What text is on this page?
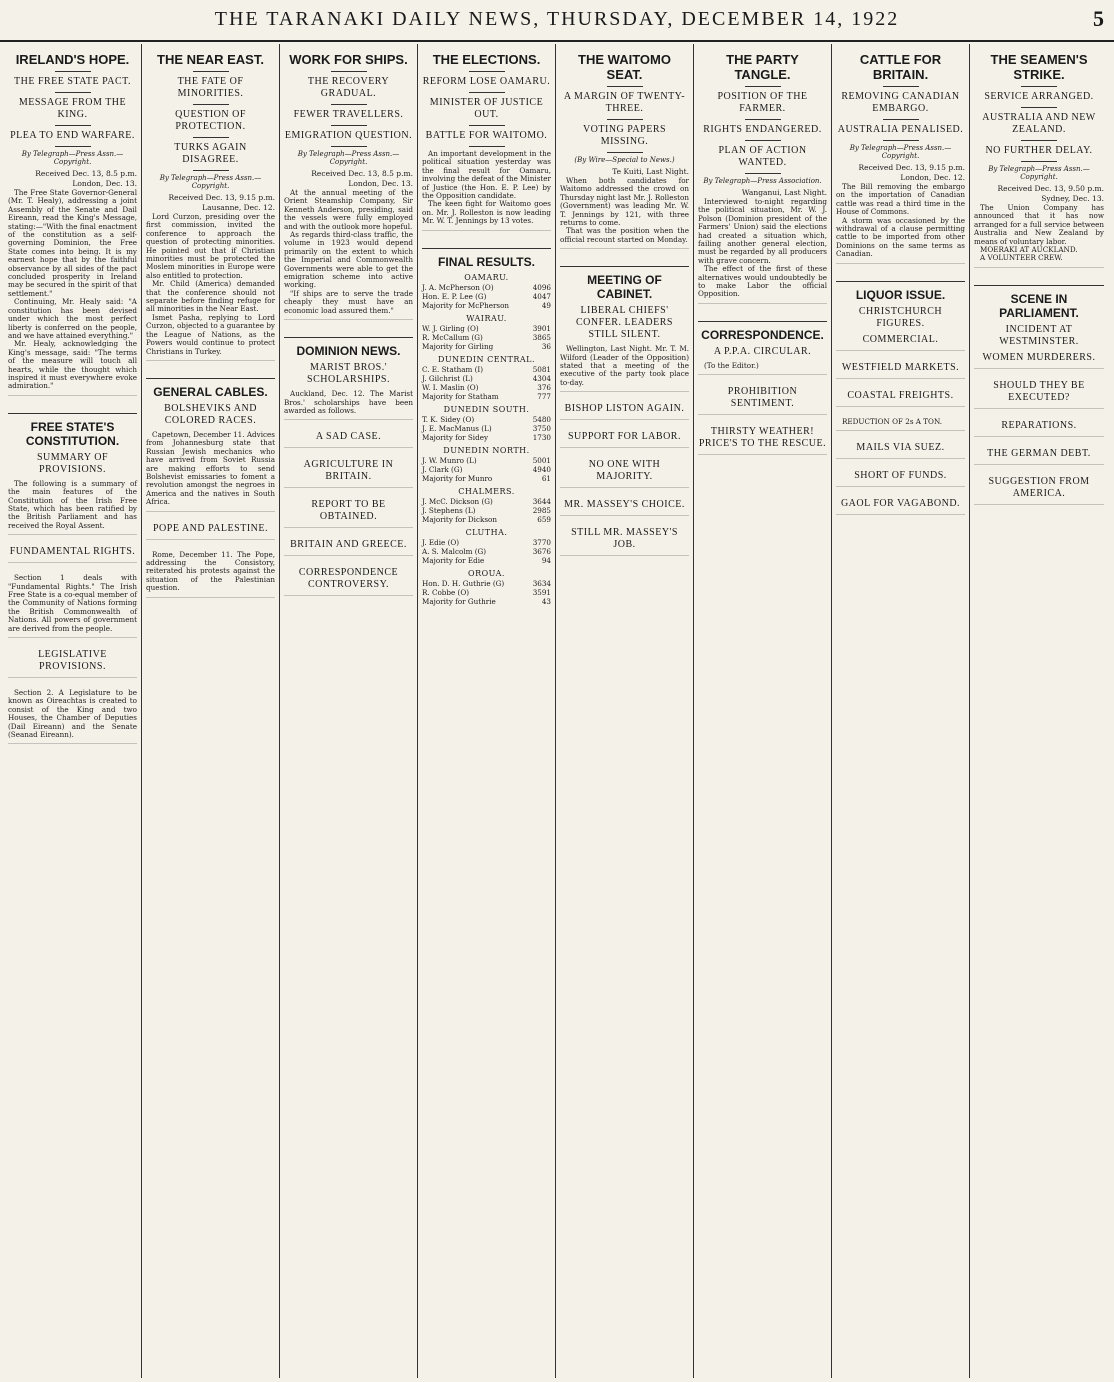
THE TARANAKI DAILY NEWS, THURSDAY, DECEMBER 14, 1922	5
IRELAND'S HOPE.
THE FREE STATE PACT.
MESSAGE FROM THE KING.
PLEA TO END WARFARE.
By Telegraph—Press Assn.—Copyright.
Received Dec. 13, 8.5 p.m.
London, Dec. 13.

The Free State Governor-General (Mr. T. Healy), addressing a joint Assembly of the Senate and Dail Eireann, read the King's Message, stating:—"With the final enactment of the constitution as a self-governing Dominion, the Free State comes into being. It is my earnest hope that by the faithful observance by all sides of the pact concluded prosperity in Ireland may be secured in the spirit of that settlement."

Continuing, Mr. Healy said: "A constitution has been devised under which the most perfect liberty is conferred on the people, and we have attained everything."

Mr. Healy, acknowledging the King's message, said: "The terms of the measure will touch all hearts, while the thought which inspired it must everywhere evoke admiration."

FREE STATE'S CONSTITUTION.
SUMMARY OF PROVISIONS.

The following is a summary of the main features of the Constitution of the Irish Free State, which has been ratified by the British Parliament and has received the Royal Assent.

FUNDAMENTAL RIGHTS.

Section 1 deals with "Fundamental Rights." The Irish Free State is a co-equal member of the Community of Nations forming the British Commonwealth of Nations. All powers of government are derived from the people.

LEGISLATIVE PROVISIONS.

Section 2. A Legislature to be known as Oireachtas is created to consist of the King and two Houses, the Chamber of Deputies (Dail Eireann) and the Senate (Seanad Eireann).

THE NEAR EAST.
THE FATE OF MINORITIES.
QUESTION OF PROTECTION.
TURKS AGAIN DISAGREE.
By Telegraph—Press Assn.—Copyright.
Received Dec. 13, 9.15 p.m.
Lausanne, Dec. 12.

Lord Curzon, presiding over the first commission, invited the conference to approach the question of protecting minorities. He pointed out that if Christian minorities must be protected the Moslem minorities in Europe were also entitled to protection.

Mr. Child (America) demanded that the conference should not separate before finding refuge for all minorities in the Near East.

Ismet Pasha, replying to Lord Curzon, objected to a guarantee by the League of Nations, as the Powers would continue to protect Christians in Turkey.

GENERAL CABLES.
BOLSHEVIKS AND COLORED RACES.

Capetown, December 11. Advices from Johannesburg state that Russian Jewish mechanics who have arrived from Soviet Russia are making efforts to send Bolshevist emissaries to foment a revolution amongst the negroes in America and the natives in South Africa.

POPE AND PALESTINE.

Rome, December 11. The Pope, addressing the Consistory, reiterated his protests against the situation of the Palestinian question.

WORK FOR SHIPS.
THE RECOVERY GRADUAL.
FEWER TRAVELLERS.
EMIGRATION QUESTION.
By Telegraph—Press Assn.—Copyright.
Received Dec. 13, 8.5 p.m.
London, Dec. 13.

At the annual meeting of the Orient Steamship Company, Sir Kenneth Anderson, presiding, said the vessels were fully employed and with the outlook more hopeful.

As regards third-class traffic, the volume in 1923 would depend primarily on the extent to which the Imperial and Commonwealth Governments were able to get the emigration scheme into active working.

"If ships are to serve the trade cheaply they must have an economic load assured them."

DOMINION NEWS.
MARIST BROS.' SCHOLARSHIPS.

Auckland, Dec. 12. The Marist Bros.' scholarships have been awarded as follows.

A SAD CASE.
AGRICULTURE IN BRITAIN.
REPORT TO BE OBTAINED.
BRITAIN AND GREECE.
CORRESPONDENCE CONTROVERSY.
THE ELECTIONS.
REFORM LOSE OAMARU.
MINISTER OF JUSTICE OUT.
BATTLE FOR WAITOMO.

An important development in the political situation yesterday was the final result for Oamaru, involving the defeat of the Minister of Justice (the Hon. E. P. Lee) by the Opposition candidate.

The keen fight for Waitomo goes on. Mr. J. Rolleston is now leading Mr. W. T. Jennings by 13 votes.

FINAL RESULTS.
OAMARU.
J. A. McPherson (O)	4096
Hon. E. P. Lee (G)	4047
Majority for McPherson	49
WAIRAU.
W. J. Girling (O)	3901
R. McCallum (G)	3865
Majority for Girling	36
DUNEDIN CENTRAL.
C. E. Statham (I)	5081
J. Gilchrist (L)	4304
W. I. Maslin (O)	376
Majority for Statham	777
DUNEDIN SOUTH.
T. K. Sidey (O)	5480
J. E. MacManus (L)	3750
Majority for Sidey	1730
DUNEDIN NORTH.
J. W. Munro (L)	5001
J. Clark (G)	4940
Majority for Munro	61
CHALMERS.
J. McC. Dickson (G)	3644
J. Stephens (L)	2985
Majority for Dickson	659
CLUTHA.
J. Edie (O)	3770
A. S. Malcolm (G)	3676
Majority for Edie	94
OROUA.
Hon. D. H. Guthrie (G)	3634
R. Cobbe (O)	3591
Majority for Guthrie	43
THE WAITOMO SEAT.
A MARGIN OF TWENTY-THREE.
VOTING PAPERS MISSING.
(By Wire—Special to News.)
Te Kuiti, Last Night.

When both candidates for Waitomo addressed the crowd on Thursday night last Mr. J. Rolleston (Government) was leading Mr. W. T. Jennings by 121, with three returns to come.

That was the position when the official recount started on Monday.

MEETING OF CABINET.
LIBERAL CHIEFS' CONFER. LEADERS STILL SILENT.

Wellington, Last Night. Mr. T. M. Wilford (Leader of the Opposition) stated that a meeting of the executive of the party took place to-day.

BISHOP LISTON AGAIN.
SUPPORT FOR LABOR.
NO ONE WITH MAJORITY.
MR. MASSEY'S CHOICE.
STILL MR. MASSEY'S JOB.
THE PARTY TANGLE.
POSITION OF THE FARMER.
RIGHTS ENDANGERED.
PLAN OF ACTION WANTED.
By Telegraph—Press Association.
Wanganui, Last Night.

Interviewed to-night regarding the political situation, Mr. W. J. Polson (Dominion president of the Farmers' Union) said the elections had created a situation which, failing another general election, must be regarded by all producers with grave concern.

The effect of the first of these alternatives would undoubtedly be to make Labor the official Opposition.

CORRESPONDENCE.
A P.P.A. CIRCULAR.

(To the Editor.)

PROHIBITION SENTIMENT.
THIRSTY WEATHER! PRICE'S TO THE RESCUE.
CATTLE FOR BRITAIN.
REMOVING CANADIAN EMBARGO.
AUSTRALIA PENALISED.
By Telegraph—Press Assn.—Copyright.
Received Dec. 13, 9.15 p.m.
London, Dec. 12.

The Bill removing the embargo on the importation of Canadian cattle was read a third time in the House of Commons.

A storm was occasioned by the withdrawal of a clause permitting cattle to be imported from other Dominions on the same terms as Canadian.

LIQUOR ISSUE.
CHRISTCHURCH FIGURES.
COMMERCIAL.
WESTFIELD MARKETS.
COASTAL FREIGHTS.

REDUCTION OF 2s A TON.

MAILS VIA SUEZ.
SHORT OF FUNDS.
GAOL FOR VAGABOND.
THE SEAMEN'S STRIKE.
SERVICE ARRANGED.
AUSTRALIA AND NEW ZEALAND.
NO FURTHER DELAY.
By Telegraph—Press Assn.—Copyright.
Received Dec. 13, 9.50 p.m.
Sydney, Dec. 13.

The Union Company has announced that it has now arranged for a full service between Australia and New Zealand by means of voluntary labor.

MOERAKI AT AUCKLAND.

A VOLUNTEER CREW.

SCENE IN PARLIAMENT.
INCIDENT AT WESTMINSTER.
WOMEN MURDERERS.
SHOULD THEY BE EXECUTED?
REPARATIONS.
THE GERMAN DEBT.
SUGGESTION FROM AMERICA.
